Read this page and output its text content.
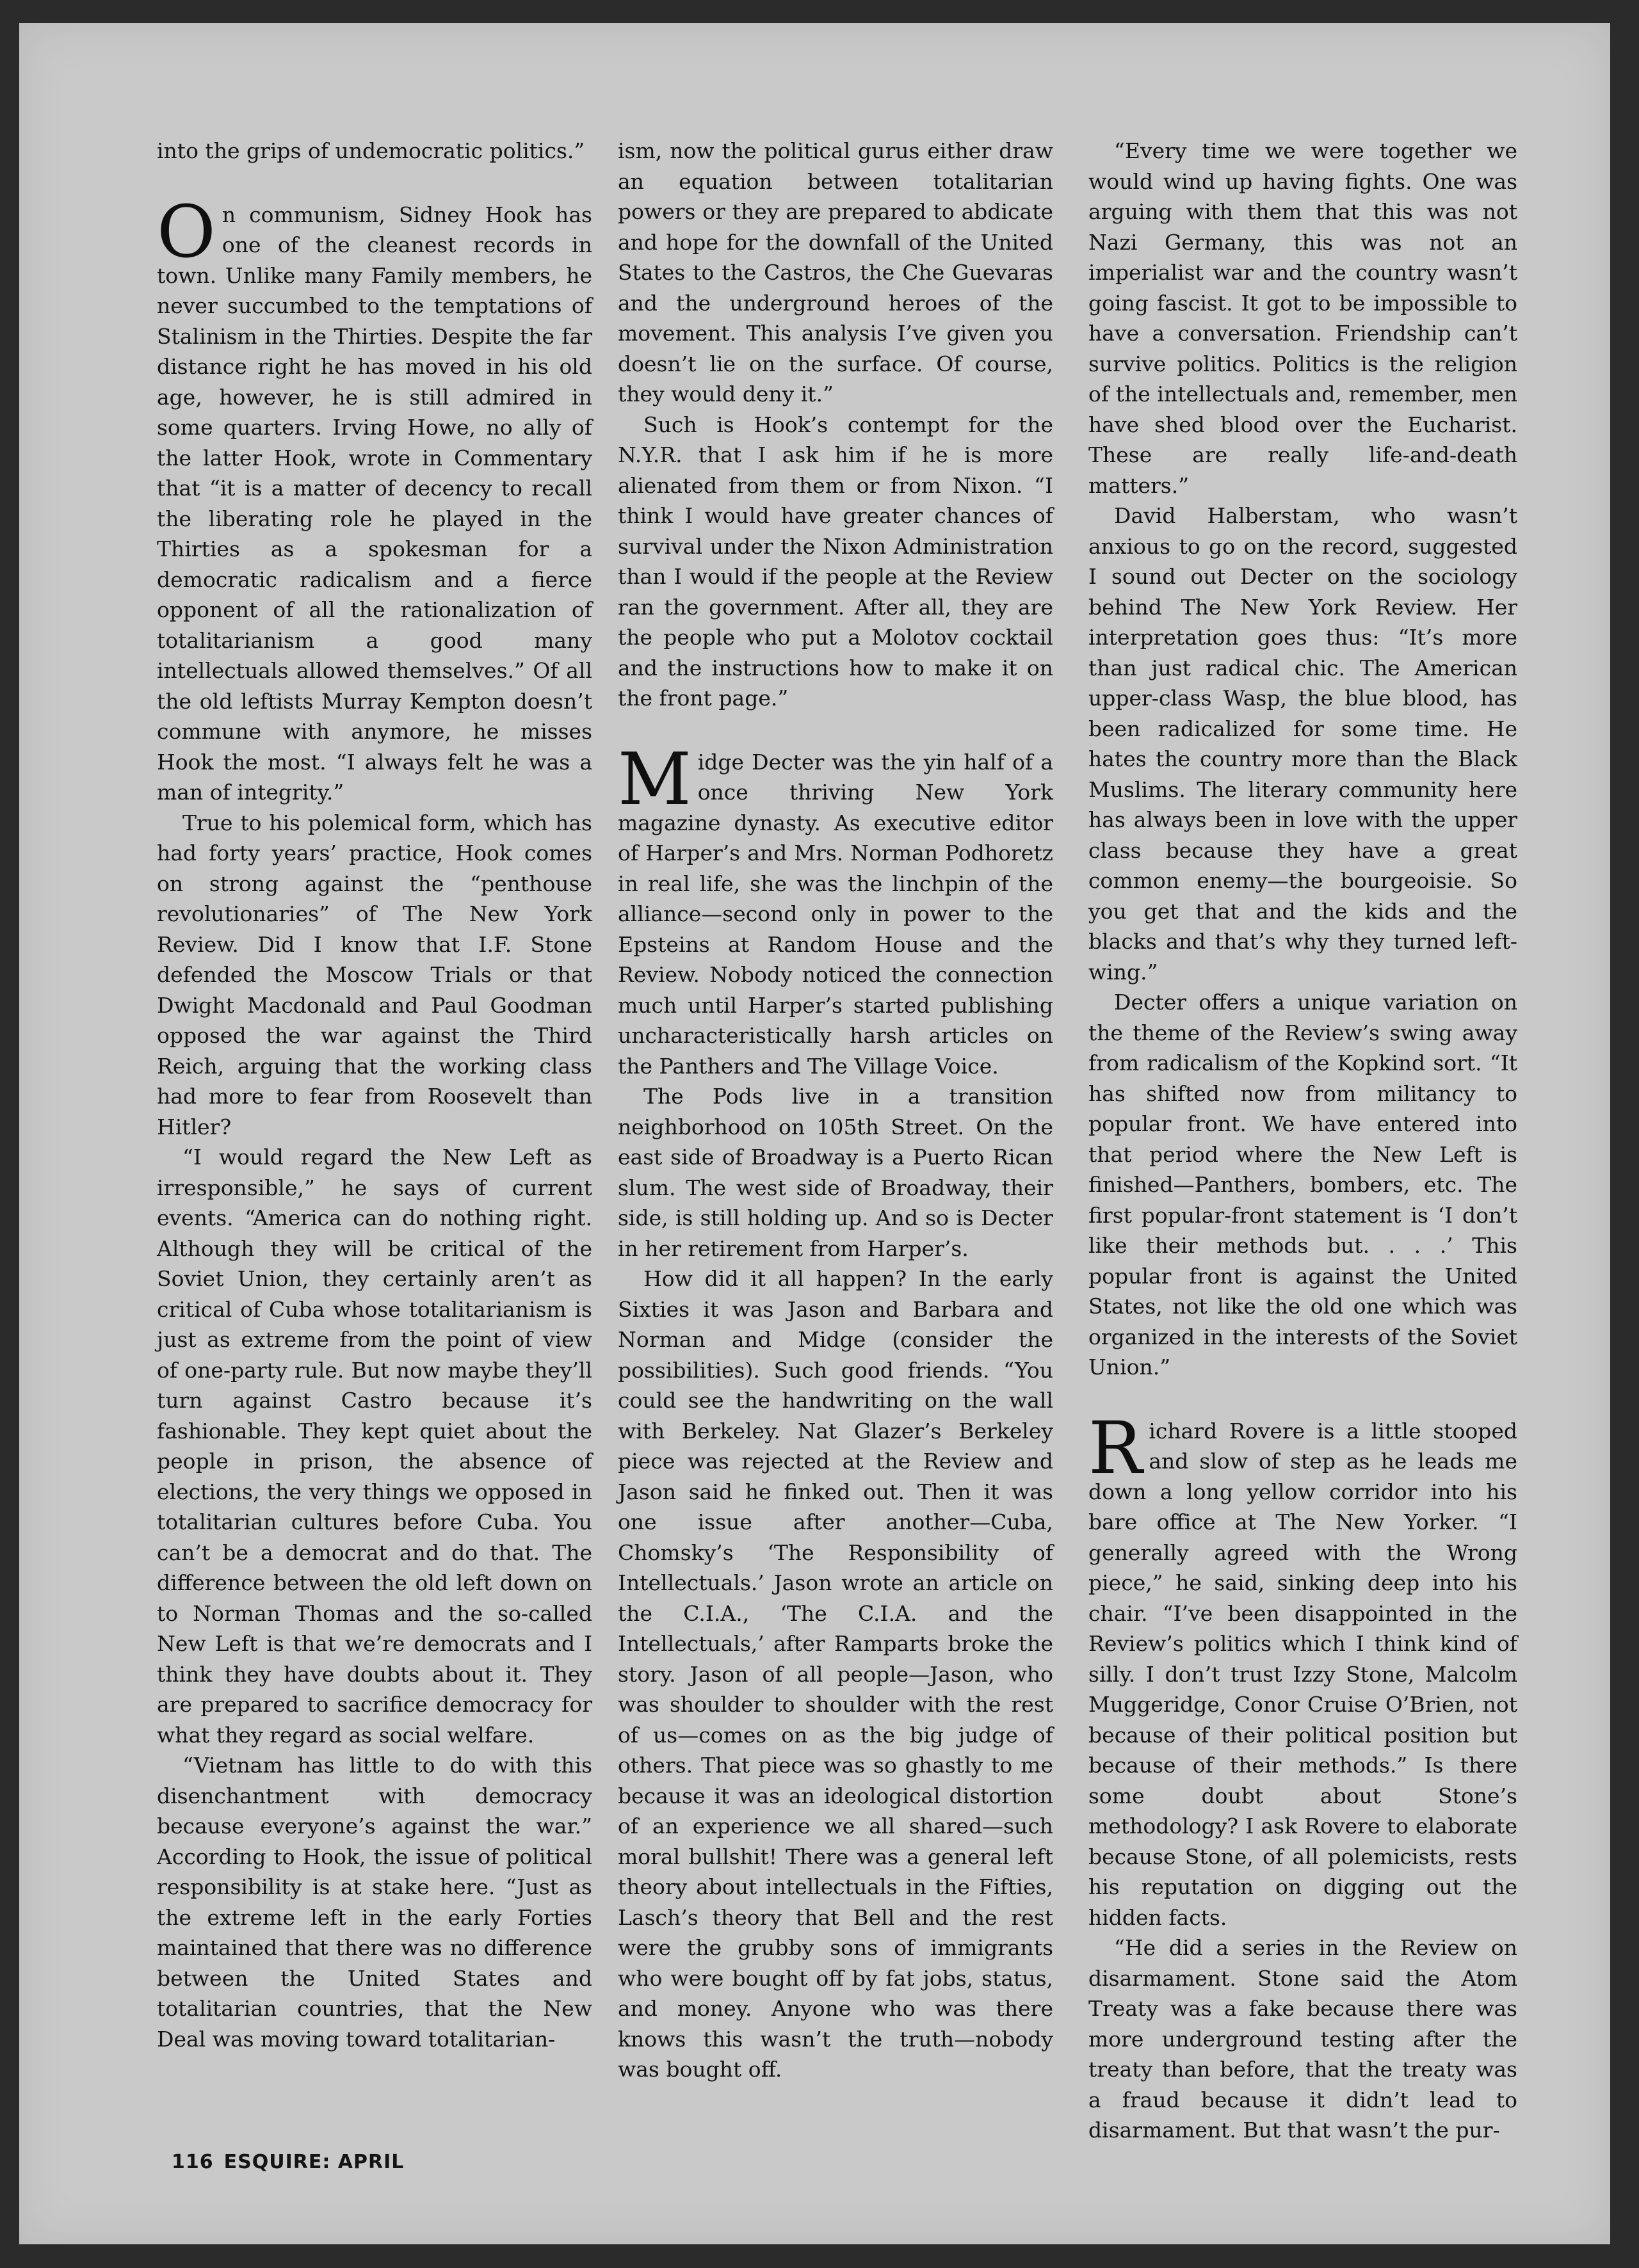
into the grips of undemocratic politics.”

On communism, Sidney Hook has one of the cleanest records in town. Unlike many Family members, he never succumbed to the temptations of Stalinism in the Thirties. Despite the far distance right he has moved in his old age, however, he is still admired in some quarters. Irving Howe, no ally of the latter Hook, wrote in Commentary that “it is a matter of decency to recall the liberating role he played in the Thirties as a spokesman for a democratic radicalism and a fierce opponent of all the rationalization of totalitarianism a good many intellectuals allowed themselves.” Of all the old leftists Murray Kempton doesn’t commune with anymore, he misses Hook the most. “I always felt he was a man of integrity.”

True to his polemical form, which has had forty years’ practice, Hook comes on strong against the “penthouse revolutionaries” of The New York Review. Did I know that I.F. Stone defended the Moscow Trials or that Dwight Macdonald and Paul Goodman opposed the war against the Third Reich, arguing that the working class had more to fear from Roosevelt than Hitler?

“I would regard the New Left as irresponsible,” he says of current events. “America can do nothing right. Although they will be critical of the Soviet Union, they certainly aren’t as critical of Cuba whose totalitarianism is just as extreme from the point of view of one-party rule. But now maybe they’ll turn against Castro because it’s fashionable. They kept quiet about the people in prison, the absence of elections, the very things we opposed in totalitarian cultures before Cuba. You can’t be a democrat and do that. The difference between the old left down on to Norman Thomas and the so-called New Left is that we’re democrats and I think they have doubts about it. They are prepared to sacrifice democracy for what they regard as social welfare.

“Vietnam has little to do with this disenchantment with democracy because everyone’s against the war.” According to Hook, the issue of political responsibility is at stake here. “Just as the extreme left in the early Forties maintained that there was no difference between the United States and totalitarian countries, that the New Deal was moving toward totalitarian-

ism, now the political gurus either draw an equation between totalitarian powers or they are prepared to abdicate and hope for the downfall of the United States to the Castros, the Che Guevaras and the underground heroes of the movement. This analysis I’ve given you doesn’t lie on the surface. Of course, they would deny it.”

Such is Hook’s contempt for the N.Y.R. that I ask him if he is more alienated from them or from Nixon. “I think I would have greater chances of survival under the Nixon Administration than I would if the people at the Review ran the government. After all, they are the people who put a Molotov cocktail and the instructions how to make it on the front page.”

Midge Decter was the yin half of a once thriving New York magazine dynasty. As executive editor of Harper’s and Mrs. Norman Podhoretz in real life, she was the linchpin of the alliance—second only in power to the Epsteins at Random House and the Review. Nobody noticed the connection much until Harper’s started publishing uncharacteristically harsh articles on the Panthers and The Village Voice.

The Pods live in a transition neighborhood on 105th Street. On the east side of Broadway is a Puerto Rican slum. The west side of Broadway, their side, is still holding up. And so is Decter in her retirement from Harper’s.

How did it all happen? In the early Sixties it was Jason and Barbara and Norman and Midge (consider the possibilities). Such good friends. “You could see the handwriting on the wall with Berkeley. Nat Glazer’s Berkeley piece was rejected at the Review and Jason said he finked out. Then it was one issue after another—Cuba, Chomsky’s ‘The Responsibility of Intellectuals.’ Jason wrote an article on the C.I.A., ‘The C.I.A. and the Intellectuals,’ after Ramparts broke the story. Jason of all people—Jason, who was shoulder to shoulder with the rest of us—comes on as the big judge of others. That piece was so ghastly to me because it was an ideological distortion of an experience we all shared—such moral bullshit! There was a general left theory about intellectuals in the Fifties, Lasch’s theory that Bell and the rest were the grubby sons of immigrants who were bought off by fat jobs, status, and money. Anyone who was there knows this wasn’t the truth—nobody was bought off.

“Every time we were together we would wind up having fights. One was arguing with them that this was not Nazi Germany, this was not an imperialist war and the country wasn’t going fascist. It got to be impossible to have a conversation. Friendship can’t survive politics. Politics is the religion of the intellectuals and, remember, men have shed blood over the Eucharist. These are really life-and-death matters.”

David Halberstam, who wasn’t anxious to go on the record, suggested I sound out Decter on the sociology behind The New York Review. Her interpretation goes thus: “It’s more than just radical chic. The American upper-class Wasp, the blue blood, has been radicalized for some time. He hates the country more than the Black Muslims. The literary community here has always been in love with the upper class because they have a great common enemy—the bourgeoisie. So you get that and the kids and the blacks and that’s why they turned left-wing.”

Decter offers a unique variation on the theme of the Review’s swing away from radicalism of the Kopkind sort. “It has shifted now from militancy to popular front. We have entered into that period where the New Left is finished—Panthers, bombers, etc. The first popular-front statement is ‘I don’t like their methods but. . . .’ This popular front is against the United States, not like the old one which was organized in the interests of the Soviet Union.”

Richard Rovere is a little stooped and slow of step as he leads me down a long yellow corridor into his bare office at The New Yorker. “I generally agreed with the Wrong piece,” he said, sinking deep into his chair. “I’ve been disappointed in the Review’s politics which I think kind of silly. I don’t trust Izzy Stone, Malcolm Muggeridge, Conor Cruise O’Brien, not because of their political position but because of their methods.” Is there some doubt about Stone’s methodology? I ask Rovere to elaborate because Stone, of all polemicists, rests his reputation on digging out the hidden facts.

“He did a series in the Review on disarmament. Stone said the Atom Treaty was a fake because there was more underground testing after the treaty than before, that the treaty was a fraud because it didn’t lead to disarmament. But that wasn’t the pur-

116 ESQUIRE: APRIL
